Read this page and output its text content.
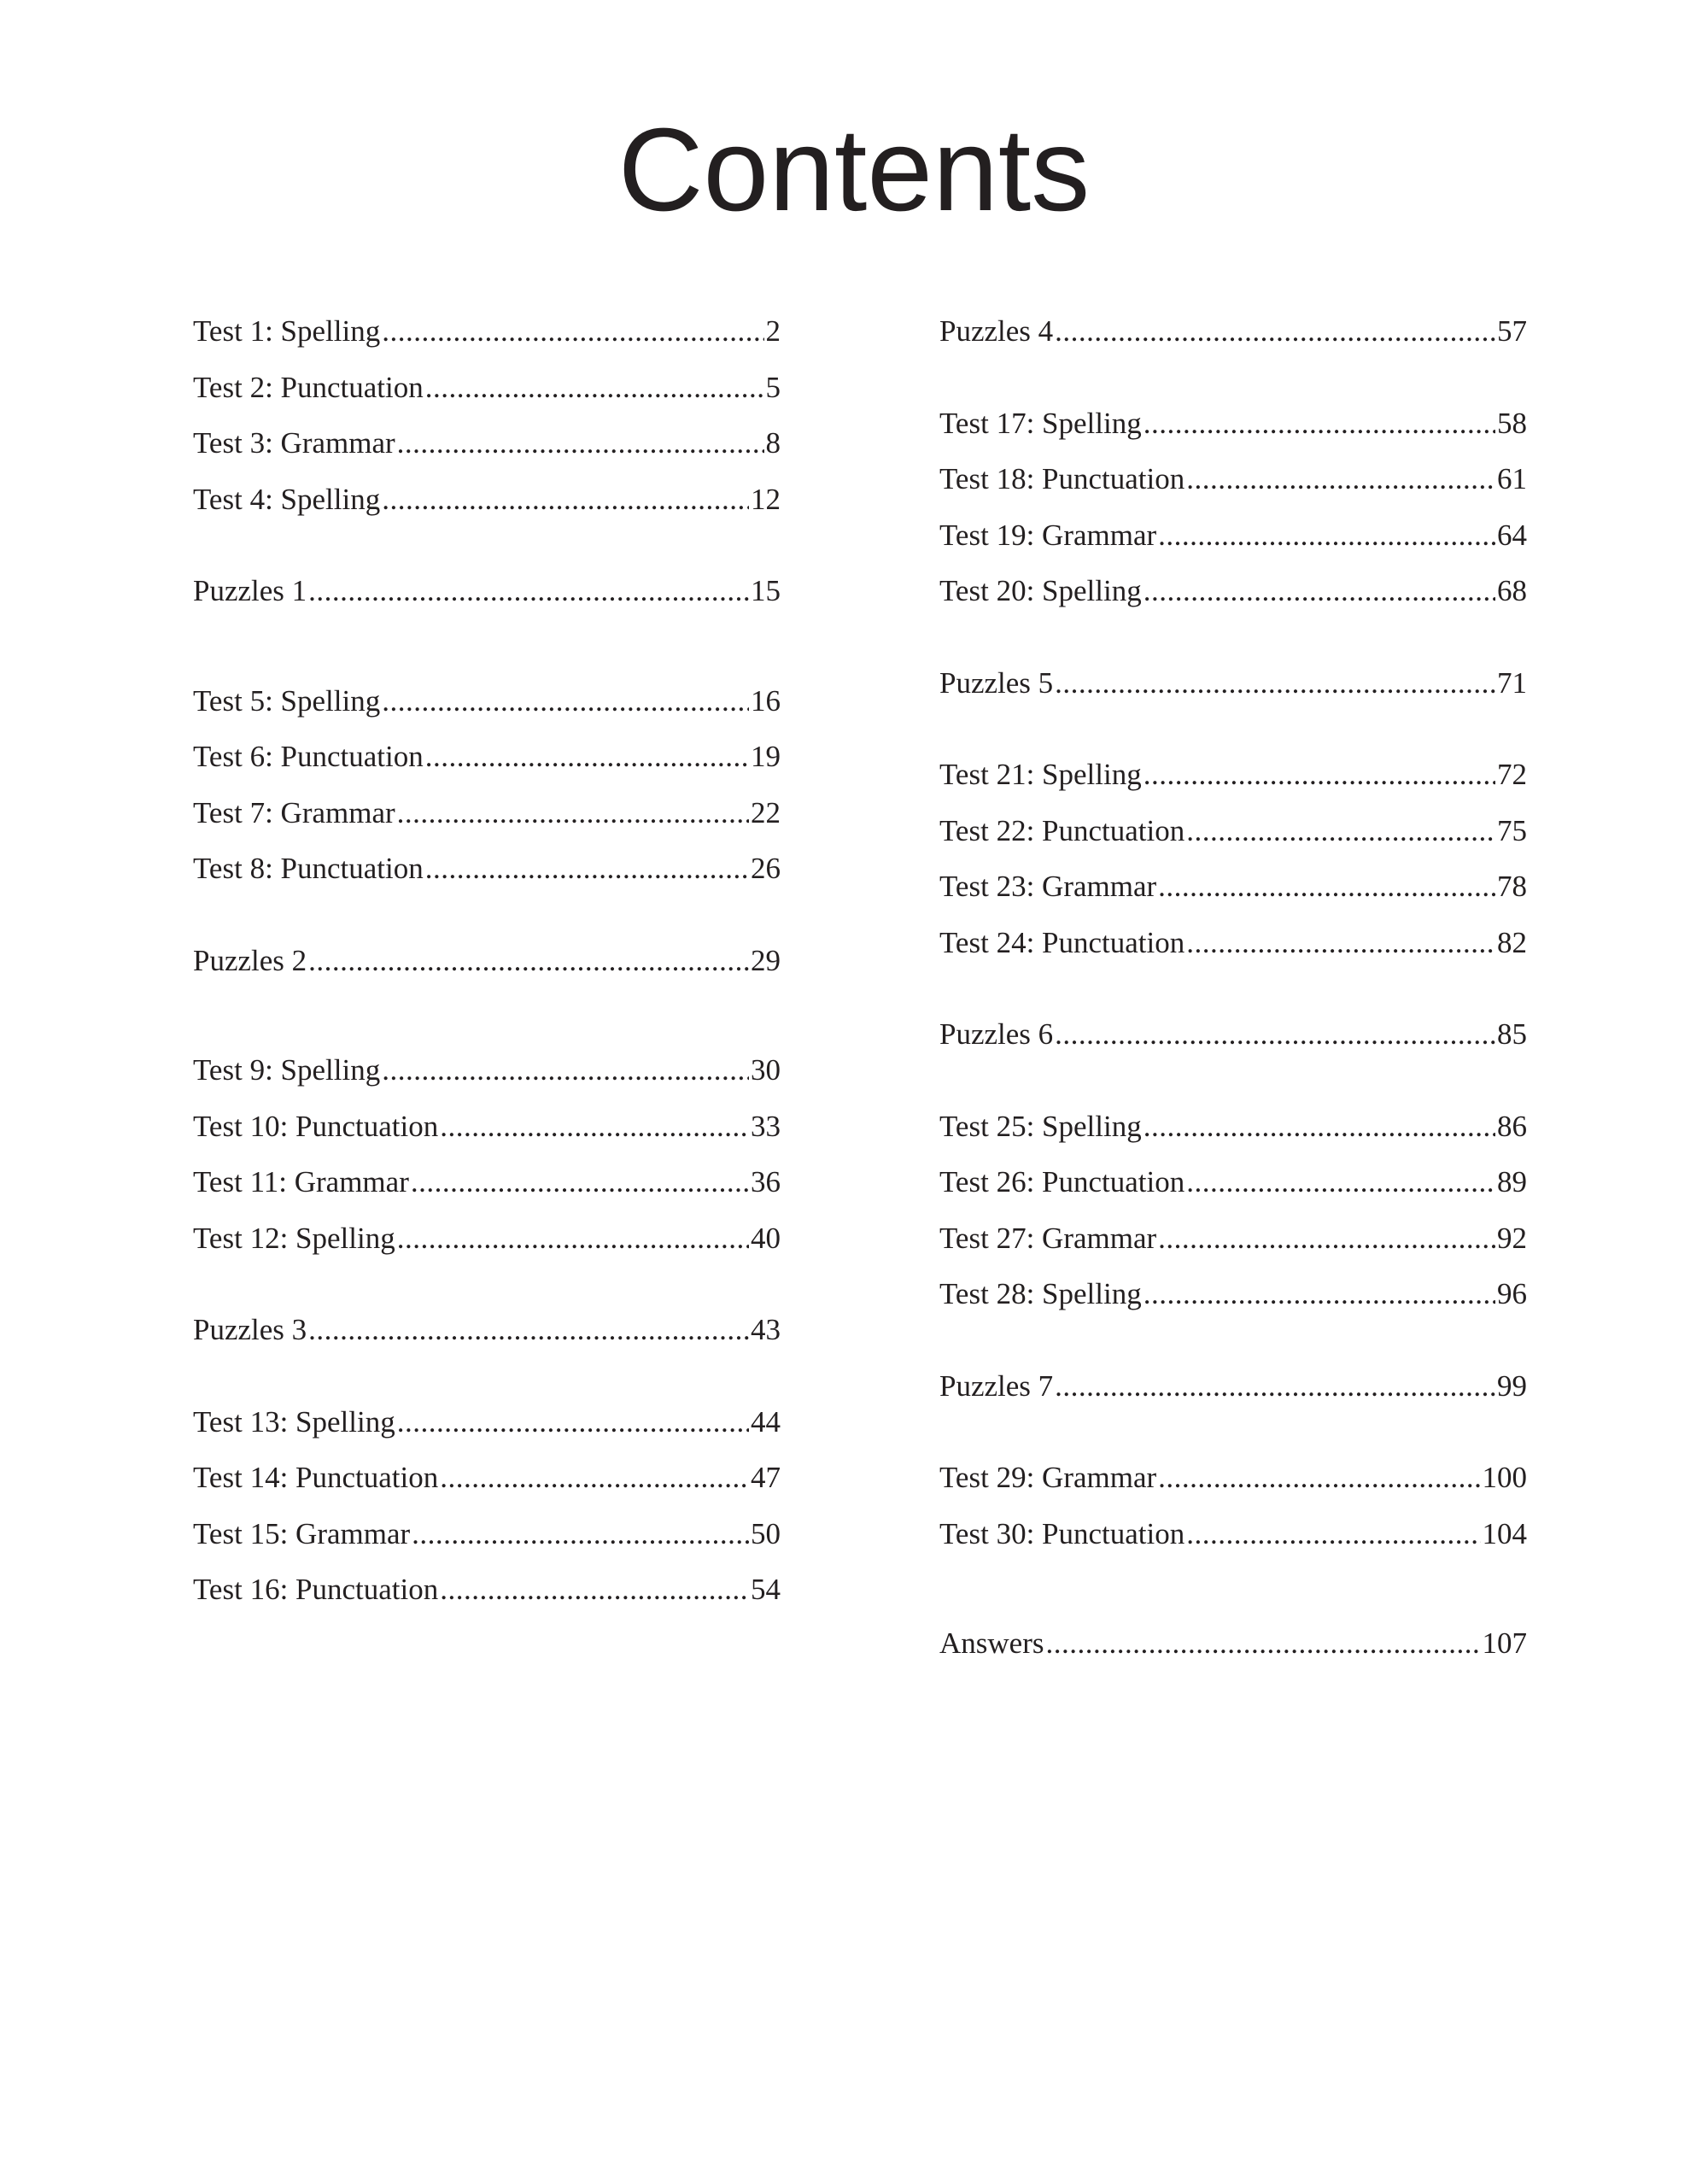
Contents
Test 1: Spelling .....	2
Test 2: Punctuation .....	5
Test 3: Grammar .....	8
Test 4: Spelling .....	12
Puzzles 1 .....	15
Test 5: Spelling .....	16
Test 6: Punctuation .....	19
Test 7: Grammar .....	22
Test 8: Punctuation .....	26
Puzzles 2 .....	29
Test 9: Spelling .....	30
Test 10: Punctuation .....	33
Test 11: Grammar .....	36
Test 12: Spelling .....	40
Puzzles 3 .....	43
Test 13: Spelling .....	44
Test 14: Punctuation .....	47
Test 15: Grammar .....	50
Test 16: Punctuation .....	54
Puzzles 4 .....	57
Test 17: Spelling .....	58
Test 18: Punctuation .....	61
Test 19: Grammar .....	64
Test 20: Spelling .....	68
Puzzles 5 .....	71
Test 21: Spelling .....	72
Test 22: Punctuation .....	75
Test 23: Grammar .....	78
Test 24: Punctuation .....	82
Puzzles 6 .....	85
Test 25: Spelling .....	86
Test 26: Punctuation .....	89
Test 27: Grammar .....	92
Test 28: Spelling .....	96
Puzzles 7 .....	99
Test 29: Grammar .....	100
Test 30: Punctuation .....	104
Answers .....	107
